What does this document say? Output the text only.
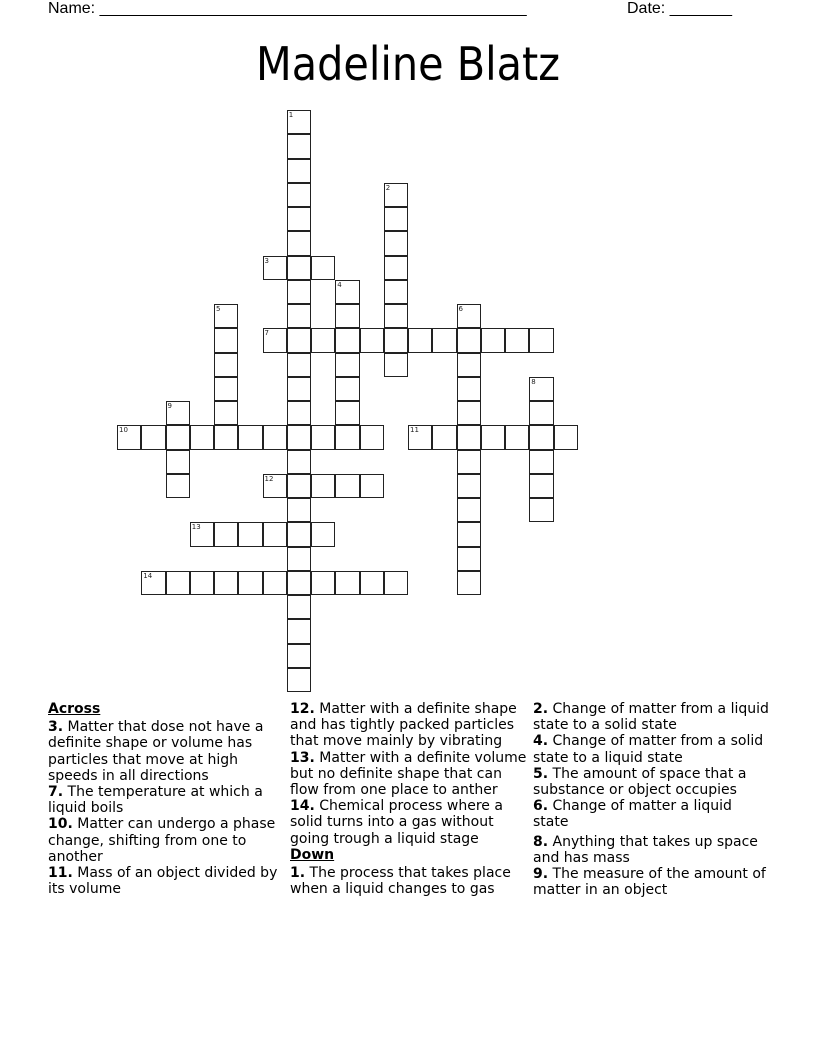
Name: ________________________________________________	Date: _______
Madeline Blatz
1
2
3
4
5	6
7
8
9
10	11
12
13
14
Across
3. Matter that dose not have a definite shape or volume has particles that move at high speeds in all directions
7. The temperature at which a liquid boils
10. Matter can undergo a phase change, shifting from one to another
11. Mass of an object divided by its volume
12. Matter with a definite shape and has tightly packed particles that move mainly by vibrating
13. Matter with a definite volume but no definite shape that can flow from one place to anther
14. Chemical process where a solid turns into a gas without going trough a liquid stage
Down
1. The process that takes place when a liquid changes to gas
2. Change of matter from a liquid state to a solid state
4. Change of matter from a solid state to a liquid state
5. The amount of space that a substance or object occupies
6. Change of matter a liquid state
8. Anything that takes up space and has mass
9. The measure of the amount of matter in an object
